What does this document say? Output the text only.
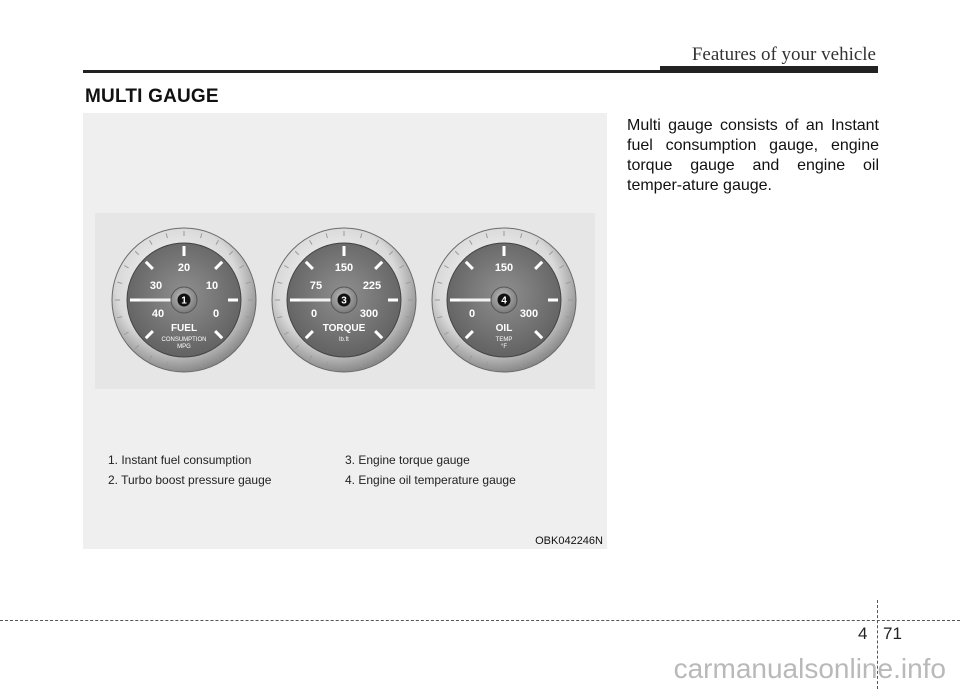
Features of your vehicle
MULTI GAUGE
1
20
30	10
40	0
FUEL
CONSUMPTION
MPG
3
150
75	225
0	300
TORQUE
lb.ft
4
150
0	300
OIL
TEMP
°F
1. Instant fuel consumption
2. Turbo boost pressure gauge
3. Engine torque gauge
4. Engine oil temperature gauge
OBK042246N

Multi gauge consists of an Instant fuel consumption gauge, engine torque gauge and engine oil temper-ature gauge.

4 71
carmanualsonline.info
